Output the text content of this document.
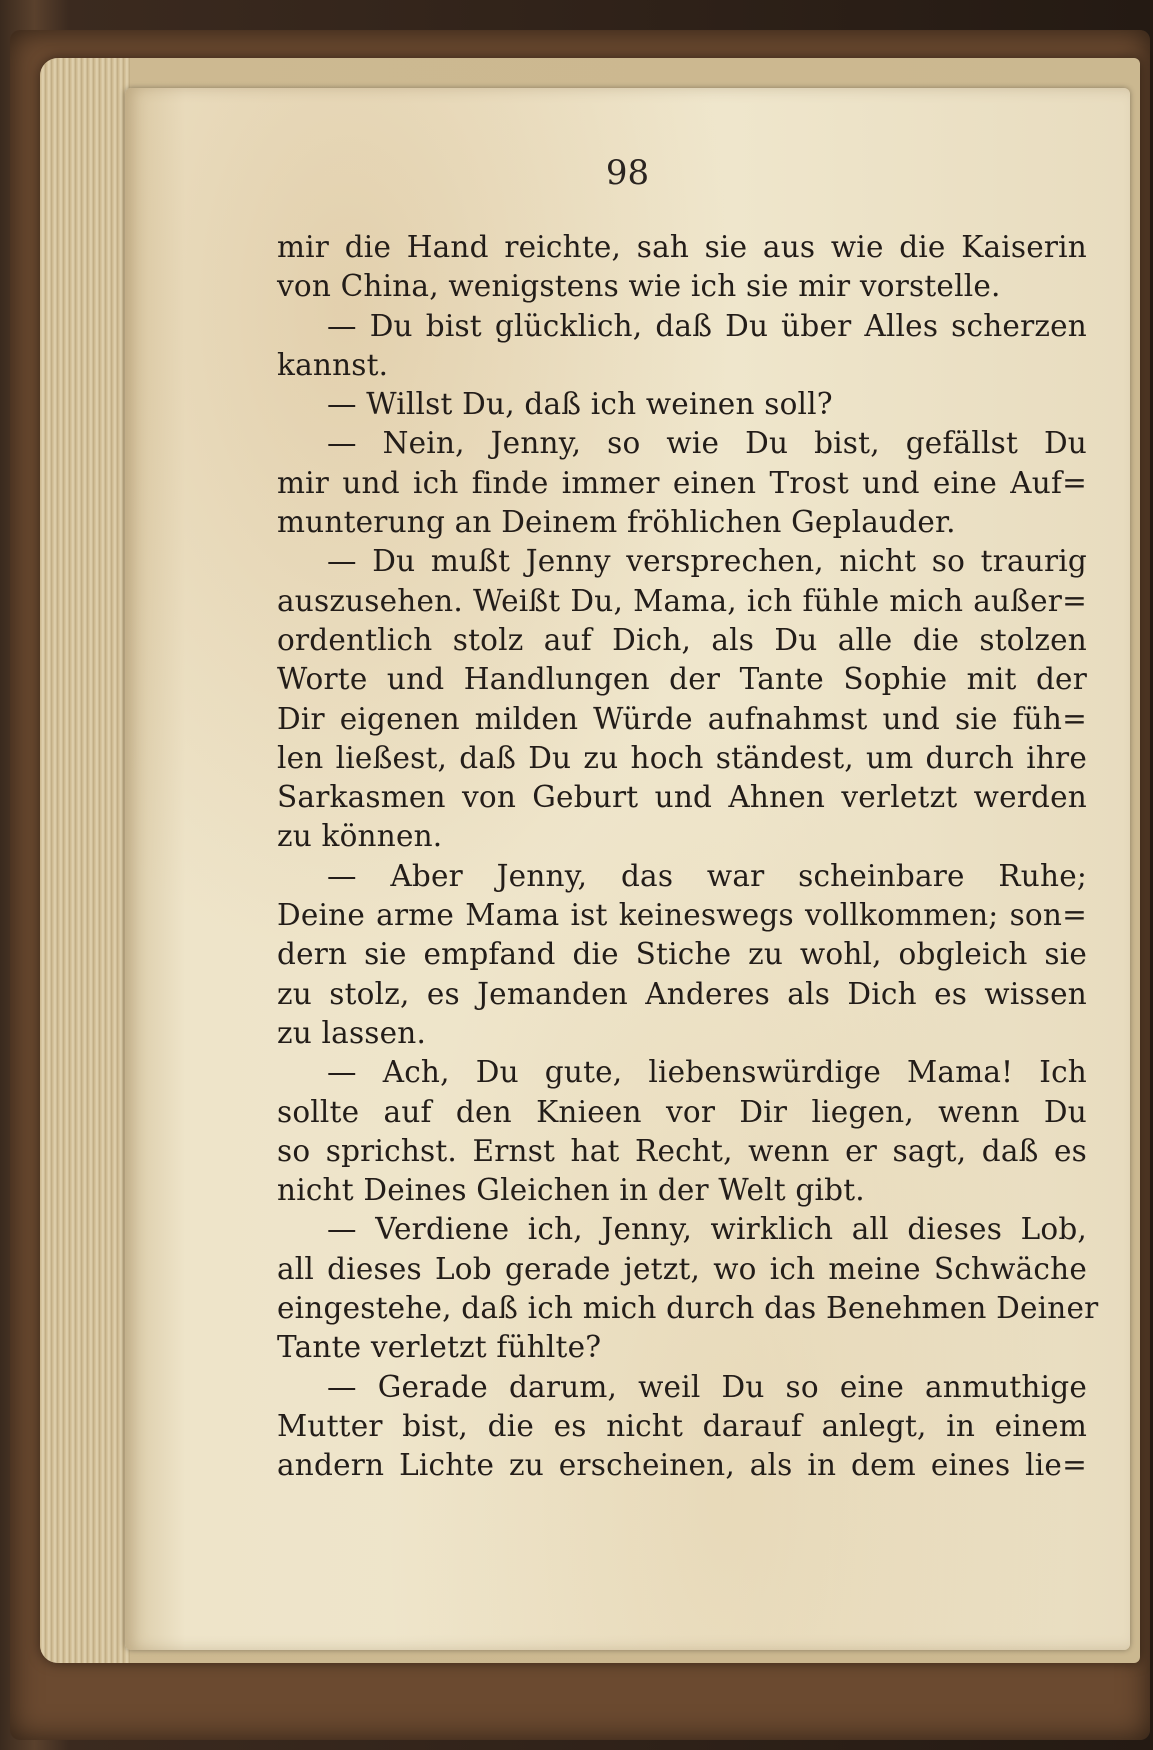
98
mir die Hand reichte, sah sie aus wie die Kaiserin
von China, wenigstens wie ich sie mir vorstelle.
— Du bist glücklich, daß Du über Alles scherzen
kannst.
— Willst Du, daß ich weinen soll?
— Nein, Jenny, so wie Du bist, gefällst Du
mir und ich finde immer einen Trost und eine Auf=
munterung an Deinem fröhlichen Geplauder.
— Du mußt Jenny versprechen, nicht so traurig
auszusehen. Weißt Du, Mama, ich fühle mich außer=
ordentlich stolz auf Dich, als Du alle die stolzen
Worte und Handlungen der Tante Sophie mit der
Dir eigenen milden Würde aufnahmst und sie füh=
len ließest, daß Du zu hoch ständest, um durch ihre
Sarkasmen von Geburt und Ahnen verletzt werden
zu können.
— Aber Jenny, das war scheinbare Ruhe;
Deine arme Mama ist keineswegs vollkommen; son=
dern sie empfand die Stiche zu wohl, obgleich sie
zu stolz, es Jemanden Anderes als Dich es wissen
zu lassen.
— Ach, Du gute, liebenswürdige Mama! Ich
sollte auf den Knieen vor Dir liegen, wenn Du
so sprichst. Ernst hat Recht, wenn er sagt, daß es
nicht Deines Gleichen in der Welt gibt.
— Verdiene ich, Jenny, wirklich all dieses Lob,
all dieses Lob gerade jetzt, wo ich meine Schwäche
eingestehe, daß ich mich durch das Benehmen Deiner
Tante verletzt fühlte?
— Gerade darum, weil Du so eine anmuthige
Mutter bist, die es nicht darauf anlegt, in einem
andern Lichte zu erscheinen, als in dem eines lie=
